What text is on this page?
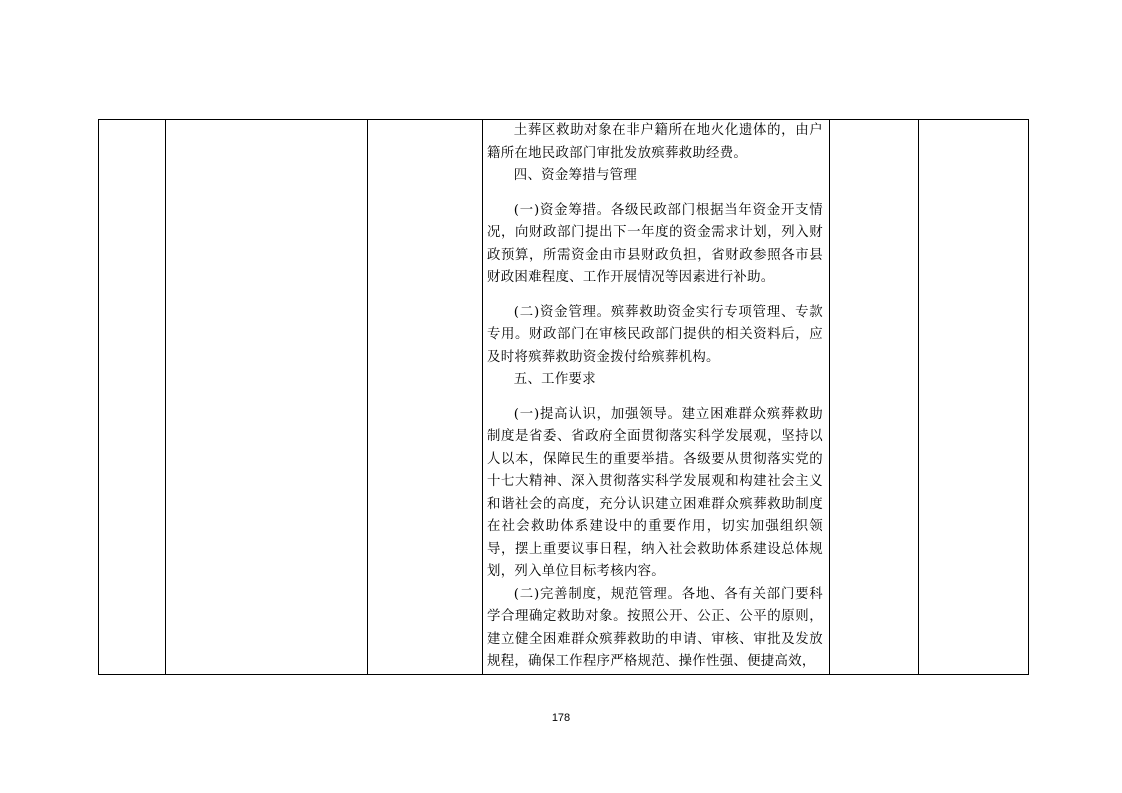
土葬区救助对象在非户籍所在地火化遗体的，由户籍所在地民政部门审批发放殡葬救助经费。

四、资金筹措与管理

(一)资金筹措。各级民政部门根据当年资金开支情况，向财政部门提出下一年度的资金需求计划，列入财政预算，所需资金由市县财政负担，省财政参照各市县财政困难程度、工作开展情况等因素进行补助。

(二)资金管理。殡葬救助资金实行专项管理、专款专用。财政部门在审核民政部门提供的相关资料后，应及时将殡葬救助资金拨付给殡葬机构。

五、工作要求

(一)提高认识，加强领导。建立困难群众殡葬救助制度是省委、省政府全面贯彻落实科学发展观，坚持以人以本，保障民生的重要举措。各级要从贯彻落实党的十七大精神、深入贯彻落实科学发展观和构建社会主义和谐社会的高度，充分认识建立困难群众殡葬救助制度在社会救助体系建设中的重要作用，切实加强组织领导，摆上重要议事日程，纳入社会救助体系建设总体规划，列入单位目标考核内容。

(二)完善制度，规范管理。各地、各有关部门要科学合理确定救助对象。按照公开、公正、公平的原则，建立健全困难群众殡葬救助的申请、审核、审批及发放规程，确保工作程序严格规范、操作性强、便捷高效，

178
